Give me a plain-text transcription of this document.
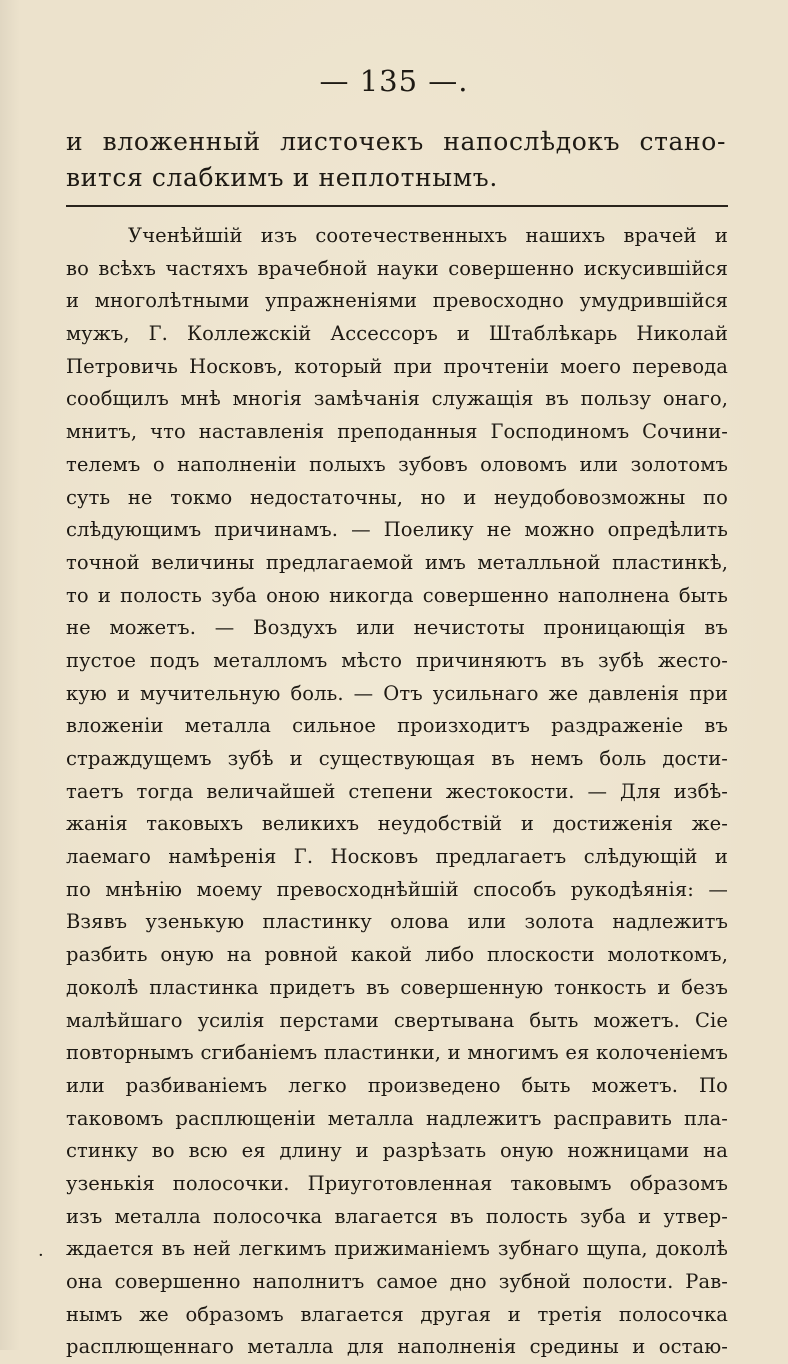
— 135 —.
и вложенный листочекъ напослѣдокъ стано-
вится слабкимъ и неплотнымъ.
Ученѣйшій изъ соотечественныхъ нашихъ врачей и
во всѣхъ частяхъ врачебной науки совершенно искусившійся
и многолѣтными упражненіями превосходно умудрившійся
мужъ, Г. Коллежскій Ассессоръ и Штаблѣкарь Николай
Петровичь Носковъ, который при прочтеніи моего перевода
сообщилъ мнѣ многія замѣчанія служащія въ пользу онаго,
мнитъ, что наставленія преподанныя Господиномъ Сочини-
телемъ о наполненіи полыхъ зубовъ оловомъ или золотомъ
суть не токмо недостаточны, но и неудобовозможны по
слѣдующимъ причинамъ. — Поелику не можно опредѣлить
точной величины предлагаемой имъ металльной пластинкѣ,
то и полость зуба оною никогда совершенно наполнена быть
не можетъ. — Воздухъ или нечистоты проницающія въ
пустое подъ металломъ мѣсто причиняютъ въ зубѣ жесто-
кую и мучительную боль. — Отъ усильнаго же давленія при
вложеніи металла сильное произходитъ раздраженіе въ
страждущемъ зубѣ и существующая въ немъ боль дости-
таетъ тогда величайшей степени жестокости. — Для избѣ-
жанія таковыхъ великихъ неудобствій и достиженія же-
лаемаго намѣренія Г. Носковъ предлагаетъ слѣдующій и
по мнѣнію моему превосходнѣйшій способъ рукодѣянія: —
Взявъ узенькую пластинку олова или золота надлежитъ
разбить оную на ровной какой либо плоскости молоткомъ,
доколѣ пластинка придетъ въ совершенную тонкость и безъ
малѣйшаго усилія перстами свертывана быть можетъ. Сіе
повторнымъ сгибаніемъ пластинки, и многимъ ея колоченіемъ
или разбиваніемъ легко произведено быть можетъ. По
таковомъ расплющеніи металла надлежитъ расправить пла-
стинку во всю ея длину и разрѣзать оную ножницами на
узенькія полосочки. Приуготовленная таковымъ образомъ
изъ металла полосочка влагается въ полость зуба и утвер-
ждается въ ней легкимъ прижиманіемъ зубнаго щупа, доколѣ
она совершенно наполнитъ самое дно зубной полости. Рав-
нымъ же образомъ влагается другая и третія полосочка
расплющеннаго металла для наполненія средины и остаю-
·
